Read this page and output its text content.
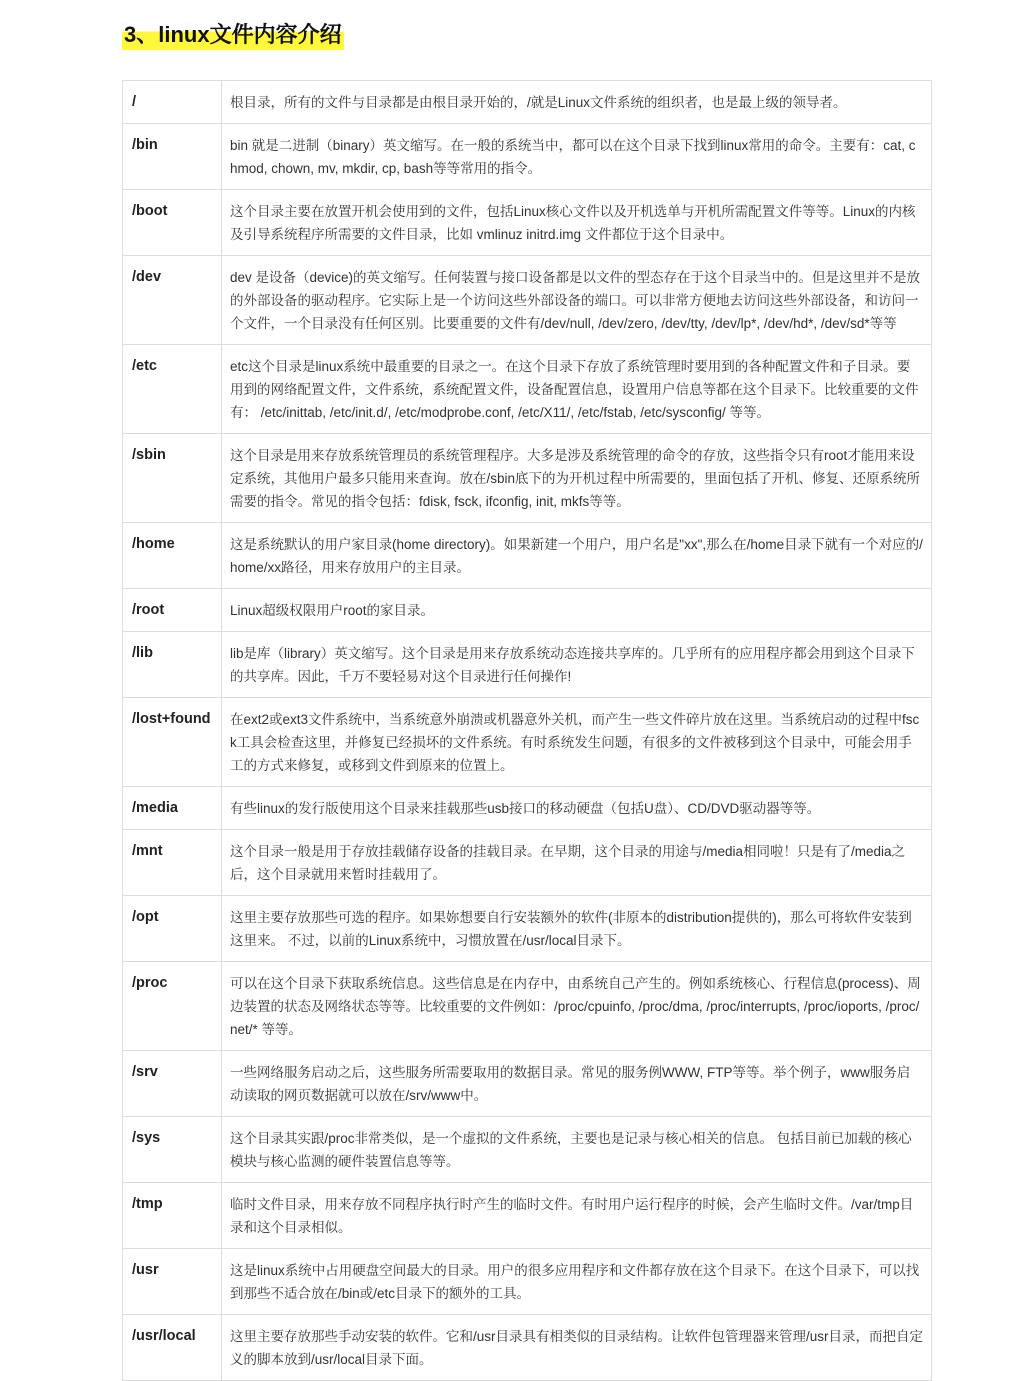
3、linux文件内容介绍
/	根目录，所有的文件与目录都是由根目录开始的，/就是Linux文件系统的组织者，也是最上级的领导者。
/bin	bin 就是二进制（binary）英文缩写。在一般的系统当中，都可以在这个目录下找到linux常用的命令。主要有：cat, chmod, chown, mv, mkdir, cp, bash等等常用的指令。
/boot	这个目录主要在放置开机会使用到的文件，包括Linux核心文件以及开机选单与开机所需配置文件等等。Linux的内核及引导系统程序所需要的文件目录，比如 vmlinuz initrd.img 文件都位于这个目录中。
/dev	dev 是设备（device)的英文缩写。任何装置与接口设备都是以文件的型态存在于这个目录当中的。但是这里并不是放的外部设备的驱动程序。它实际上是一个访问这些外部设备的端口。可以非常方便地去访问这些外部设备，和访问一个文件，一个目录没有任何区别。比要重要的文件有/dev/null, /dev/zero, /dev/tty, /dev/lp*, /dev/hd*, /dev/sd*等等
/etc	etc这个目录是linux系统中最重要的目录之一。在这个目录下存放了系统管理时要用到的各种配置文件和子目录。要用到的网络配置文件，文件系统，系统配置文件，设备配置信息，设置用户信息等都在这个目录下。比较重要的文件有： /etc/inittab, /etc/init.d/, /etc/modprobe.conf, /etc/X11/, /etc/fstab, /etc/sysconfig/ 等等。
/sbin	这个目录是用来存放系统管理员的系统管理程序。大多是涉及系统管理的命令的存放，这些指令只有root才能用来设定系统，其他用户最多只能用来查询。放在/sbin底下的为开机过程中所需要的，里面包括了开机、修复、还原系统所需要的指令。常见的指令包括：fdisk, fsck, ifconfig, init, mkfs等等。
/home	这是系统默认的用户家目录(home directory)。如果新建一个用户，用户名是"xx",那么在/home目录下就有一个对应的/home/xx路径，用来存放用户的主目录。
/root	Linux超级权限用户root的家目录。
/lib	lib是库（library）英文缩写。这个目录是用来存放系统动态连接共享库的。几乎所有的应用程序都会用到这个目录下的共享库。因此，千万不要轻易对这个目录进行任何操作!
/lost+found	在ext2或ext3文件系统中，当系统意外崩溃或机器意外关机，而产生一些文件碎片放在这里。当系统启动的过程中fsck工具会检查这里，并修复已经损坏的文件系统。有时系统发生问题，有很多的文件被移到这个目录中，可能会用手工的方式来修复，或移到文件到原来的位置上。
/media	有些linux的发行版使用这个目录来挂载那些usb接口的移动硬盘（包括U盘）、CD/DVD驱动器等等。
/mnt	这个目录一般是用于存放挂载储存设备的挂载目录。在早期，这个目录的用途与/media相同啦！只是有了/media之后，这个目录就用来暂时挂载用了。
/opt	这里主要存放那些可选的程序。如果妳想要自行安装额外的软件(非原本的distribution提供的)，那么可将软件安装到这里来。 不过，以前的Linux系统中，习惯放置在/usr/local目录下。
/proc	可以在这个目录下获取系统信息。这些信息是在内存中，由系统自己产生的。例如系统核心、行程信息(process)、周边装置的状态及网络状态等等。比较重要的文件例如：/proc/cpuinfo, /proc/dma, /proc/interrupts, /proc/ioports, /proc/net/* 等等。
/srv	一些网络服务启动之后，这些服务所需要取用的数据目录。常见的服务例WWW, FTP等等。举个例子，www服务启动读取的网页数据就可以放在/srv/www中。
/sys	这个目录其实跟/proc非常类似，是一个虚拟的文件系统，主要也是记录与核心相关的信息。 包括目前已加载的核心模块与核心监测的硬件装置信息等等。
/tmp	临时文件目录，用来存放不同程序执行时产生的临时文件。有时用户运行程序的时候，会产生临时文件。/var/tmp目录和这个目录相似。
/usr	这是linux系统中占用硬盘空间最大的目录。用户的很多应用程序和文件都存放在这个目录下。在这个目录下，可以找到那些不适合放在/bin或/etc目录下的额外的工具。
/usr/local	这里主要存放那些手动安装的软件。它和/usr目录具有相类似的目录结构。让软件包管理器来管理/usr目录，而把自定义的脚本放到/usr/local目录下面。
